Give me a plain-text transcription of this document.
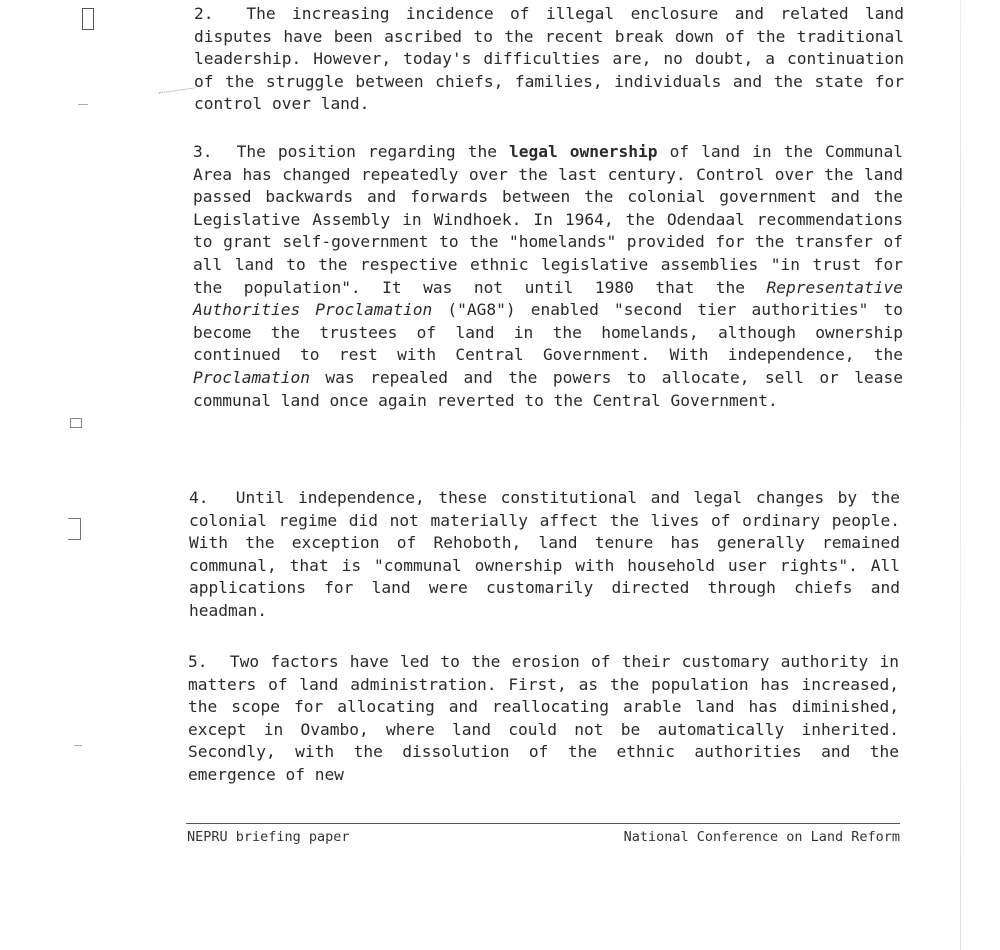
2. The increasing incidence of illegal enclosure and related land disputes have been ascribed to the recent break down of the traditional leadership. However, today's difficulties are, no doubt, a continuation of the struggle between chiefs, families, individuals and the state for control over land.

3. The position regarding the legal ownership of land in the Communal Area has changed repeatedly over the last century. Control over the land passed backwards and forwards between the colonial government and the Legislative Assembly in Windhoek. In 1964, the Odendaal recommendations to grant self-government to the "homelands" provided for the transfer of all land to the respective ethnic legislative assemblies "in trust for the population". It was not until 1980 that the Representative Authorities Proclamation ("AG8") enabled "second tier authorities" to become the trustees of land in the homelands, although ownership continued to rest with Central Government. With independence, the Proclamation was repealed and the powers to allocate, sell or lease communal land once again reverted to the Central Government.

4. Until independence, these constitutional and legal changes by the colonial regime did not materially affect the lives of ordinary people. With the exception of Rehoboth, land tenure has generally remained communal, that is "communal ownership with household user rights". All applications for land were customarily directed through chiefs and headman.

5. Two factors have led to the erosion of their customary authority in matters of land administration. First, as the population has increased, the scope for allocating and reallocating arable land has diminished, except in Ovambo, where land could not be automatically inherited. Secondly, with the dissolution of the ethnic authorities and the emergence of new

NEPRU briefing paper	National Conference on Land Reform
